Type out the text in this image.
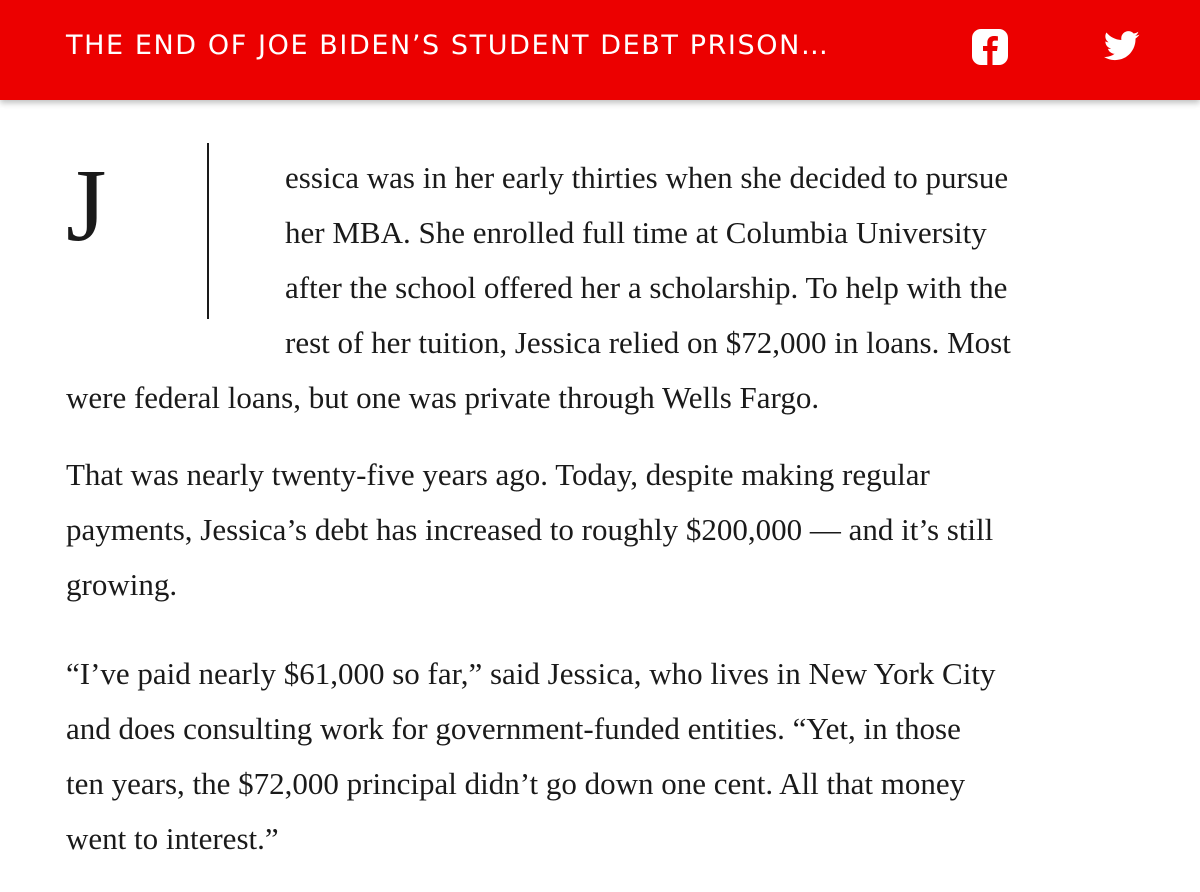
THE END OF JOE BIDEN’S STUDENT DEBT PRISON…
J	essica was in her early thirties when she decided to pursue
her MBA. She enrolled full time at Columbia University
after the school offered her a scholarship. To help with the
rest of her tuition, Jessica relied on $72,000 in loans. Most
were federal loans, but one was private through Wells Fargo.
That was nearly twenty-five years ago. Today, despite making regular
payments, Jessica’s debt has increased to roughly $200,000 — and it’s still
growing.
“I’ve paid nearly $61,000 so far,” said Jessica, who lives in New York City
and does consulting work for government-funded entities. “Yet, in those
ten years, the $72,000 principal didn’t go down one cent. All that money
went to interest.”
